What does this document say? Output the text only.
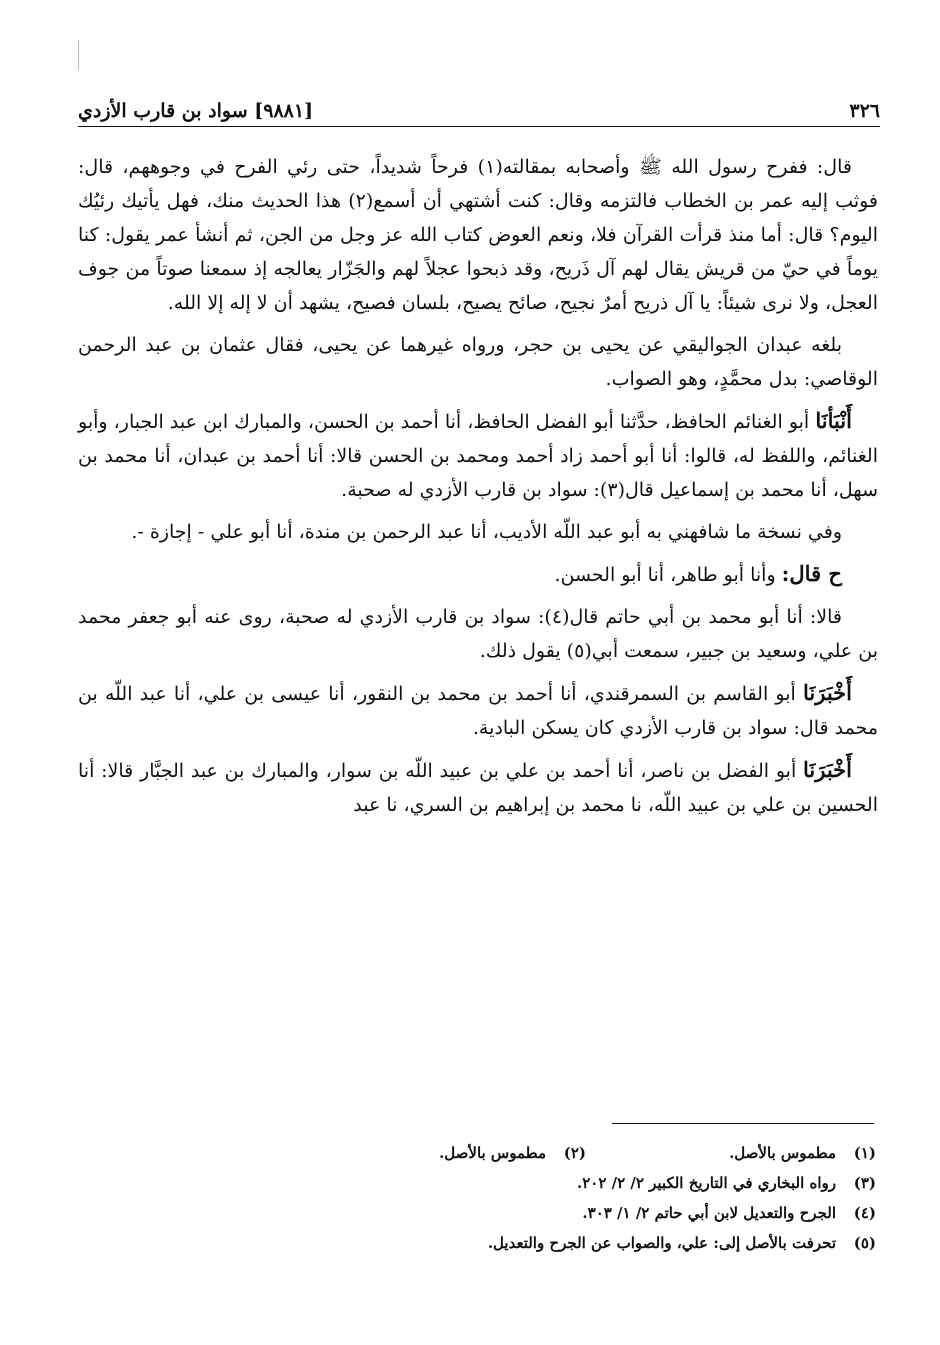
٣٢٦
[٩٨٨١] سواد بن قارب الأزدي

قال: ففرح رسول الله ﷺ وأصحابه بمقالته(١) فرحاً شديداً، حتى رئي الفرح في وجوههم، قال: فوثب إليه عمر بن الخطاب فالتزمه وقال: كنت أشتهي أن أسمع(٢) هذا الحديث منك، فهل يأتيك رئيُك اليوم؟ قال: أما منذ قرأت القرآن فلا، ونعم العوض كتاب الله عز وجل من الجن، ثم أنشأ عمر يقول: كنا يوماً في حيّ من قريش يقال لهم آل ذَريح، وقد ذبحوا عجلاً لهم والجَزّار يعالجه إذ سمعنا صوتاً من جوف العجل، ولا نرى شيئاً: يا آل ذريح أمرٌ نجيح، صائح يصيح، بلسان فصيح، يشهد أن لا إله إلا الله.

بلغه عبدان الجواليقي عن يحيى بن حجر، ورواه غيرهما عن يحيى، فقال عثمان بن عبد الرحمن الوقاصي: بدل محمَّدٍ، وهو الصواب.

أَنْبَأنَا أبو الغنائم الحافظ، حدَّثنا أبو الفضل الحافظ، أنا أحمد بن الحسن، والمبارك ابن عبد الجبار، وأبو الغنائم، واللفظ له، قالوا: أنا أبو أحمد زاد أحمد ومحمد بن الحسن قالا: أنا أحمد بن عبدان، أنا محمد بن سهل، أنا محمد بن إسماعيل قال(٣): سواد بن قارب الأزدي له صحبة.

وفي نسخة ما شافهني به أبو عبد اللّه الأديب، أنا عبد الرحمن بن مندة، أنا أبو علي - إجازة -.

ح قال: وأنا أبو طاهر، أنا أبو الحسن.

قالا: أنا أبو محمد بن أبي حاتم قال(٤): سواد بن قارب الأزدي له صحبة، روى عنه أبو جعفر محمد بن علي، وسعيد بن جبير، سمعت أبي(٥) يقول ذلك.

أَخْبَرَنَا أبو القاسم بن السمرقندي، أنا أحمد بن محمد بن النقور، أنا عيسى بن علي، أنا عبد اللّه بن محمد قال: سواد بن قارب الأزدي كان يسكن البادية.

أَخْبَرَنَا أبو الفضل بن ناصر، أنا أحمد بن علي بن عبيد اللّه بن سوار، والمبارك بن عبد الجبَّار قالا: أنا الحسين بن علي بن عبيد اللّه، نا محمد بن إبراهيم بن السري، نا عبد

(١)
مطموس بالأصل.
(٢)
مطموس بالأصل.
(٣)
رواه البخاري في التاريخ الكبير ٢/ ٢/ ٢٠٢.
(٤)
الجرح والتعديل لابن أبي حاتم ٢/ ١/ ٣٠٣.
(٥)
تحرفت بالأصل إلى: علي، والصواب عن الجرح والتعديل.
